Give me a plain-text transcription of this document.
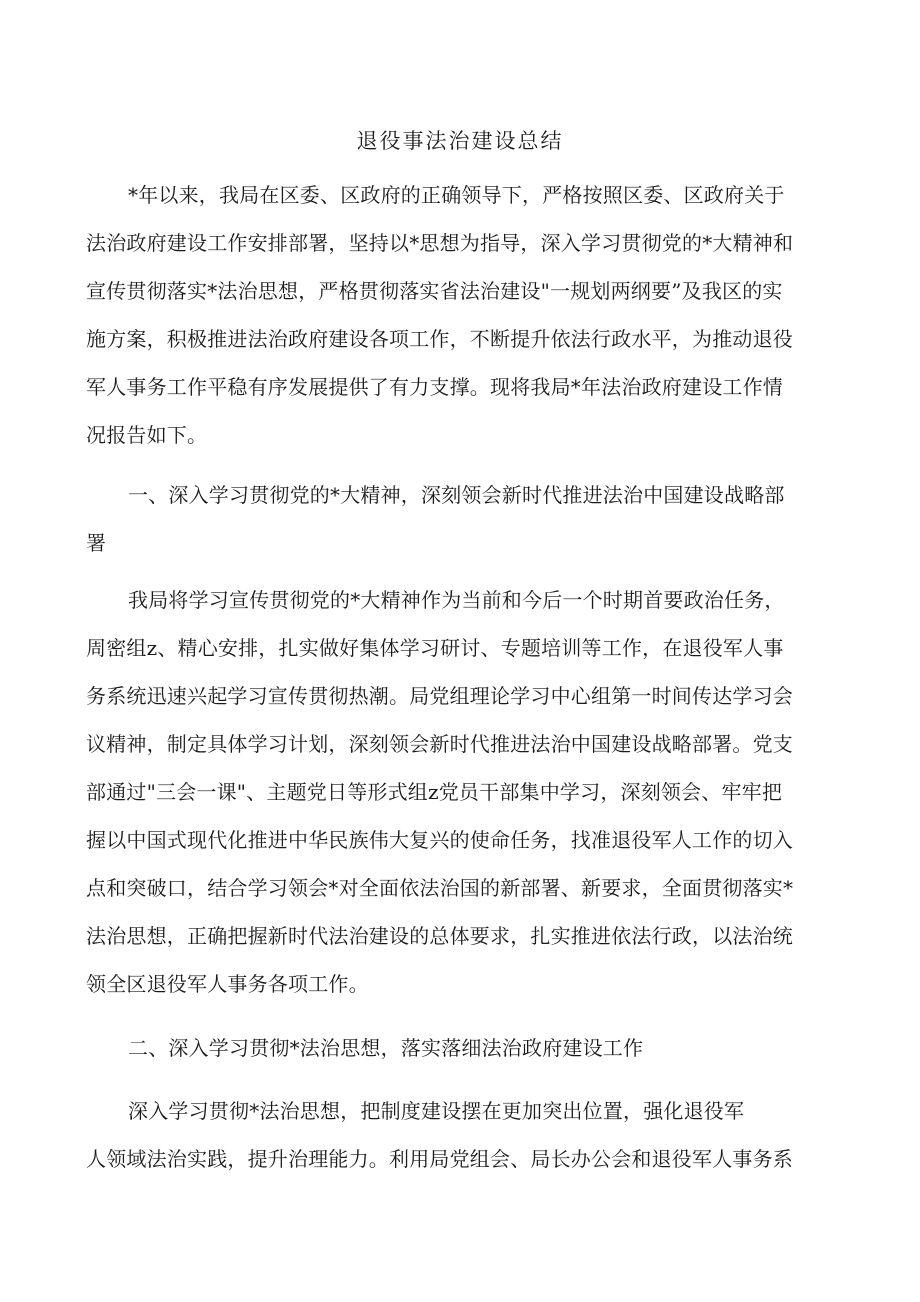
退役事法治建设总结
*年以来，我局在区委、区政府的正确领导下，严格按照区委、区政府关于
法治政府建设工作安排部署，坚持以*思想为指导，深入学习贯彻党的*大精神和
宣传贯彻落实*法治思想，严格贯彻落实省法治建设"一规划两纲要”及我区的实
施方案，积极推进法治政府建设各项工作，不断提升依法行政水平，为推动退役
军人事务工作平稳有序发展提供了有力支撑。现将我局*年法治政府建设工作情
况报告如下。
一、深入学习贯彻党的*大精神，深刻领会新时代推进法治中国建设战略部
署
我局将学习宣传贯彻党的*大精神作为当前和今后一个时期首要政治任务，
周密组z、精心安排，扎实做好集体学习研讨、专题培训等工作，在退役军人事
务系统迅速兴起学习宣传贯彻热潮。局党组理论学习中心组第一时间传达学习会
议精神，制定具体学习计划，深刻领会新时代推进法治中国建设战略部署。党支
部通过"三会一课"、主题党日等形式组z党员干部集中学习，深刻领会、牢牢把
握以中国式现代化推进中华民族伟大复兴的使命任务，找准退役军人工作的切入
点和突破口，结合学习领会*对全面依法治国的新部署、新要求，全面贯彻落实*
法治思想，正确把握新时代法治建设的总体要求，扎实推进依法行政，以法治统
领全区退役军人事务各项工作。
二、深入学习贯彻*法治思想，落实落细法治政府建设工作
深入学习贯彻*法治思想，把制度建设摆在更加突出位置，强化退役军
人领域法治实践，提升治理能力。利用局党组会、局长办公会和退役军人事务系
